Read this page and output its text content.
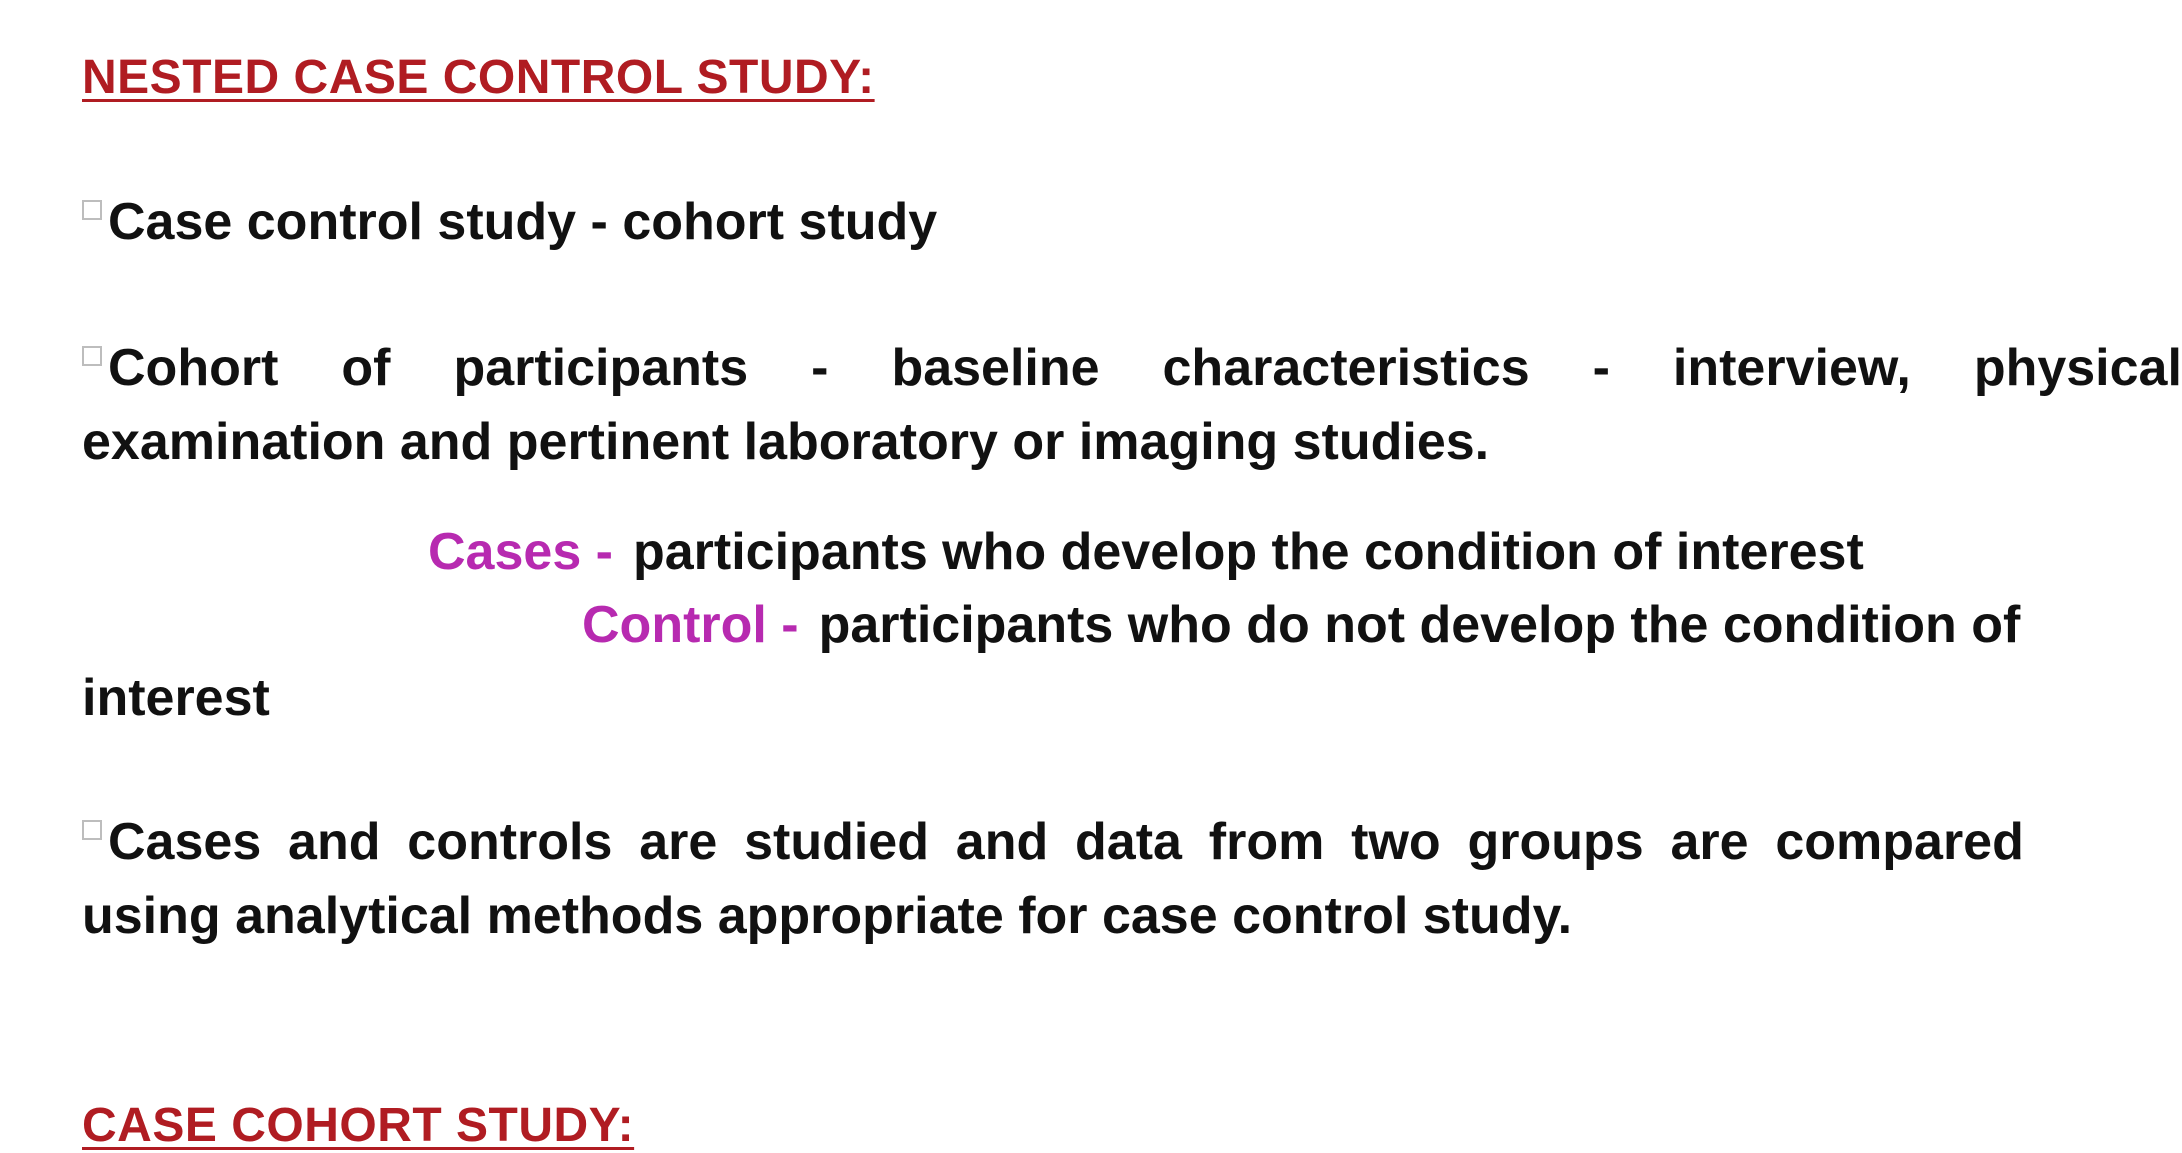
NESTED CASE CONTROL STUDY:

Case control study - cohort study

Cohort of participants - baseline characteristics - interview, physical

examination and pertinent laboratory or imaging studies.

Cases - participants who develop the condition of interest

Control - participants who do not develop the condition of

interest

Cases and controls are studied and data from two groups are compared

using analytical methods appropriate for case control study.

CASE COHORT STUDY:
